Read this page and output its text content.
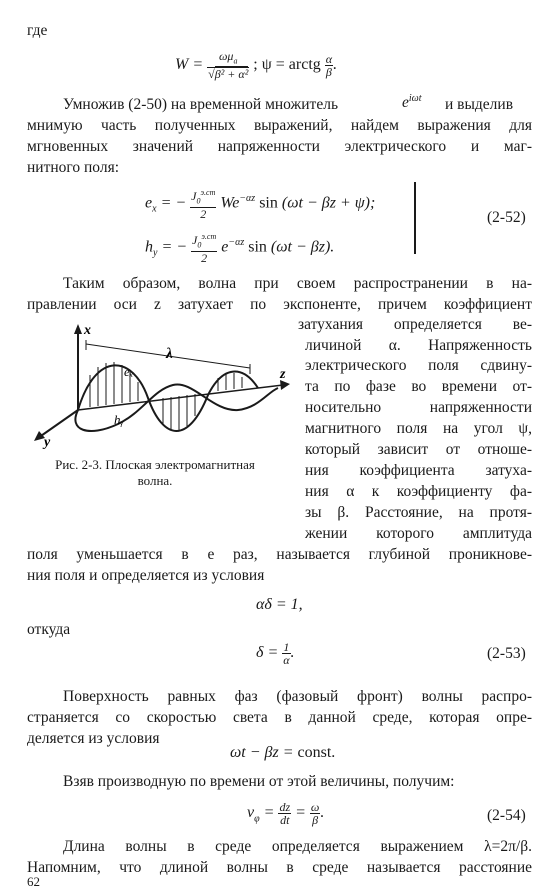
где
$W = \frac{\omega\mu_a}{\text{√β² + α²}}$ ; ψ = arctg $\frac{\alpha}{\beta}$ .
Умножив (2-50) на временной множитель	$e^{i\omega t}$ и выделив
мнимую часть полученных выражений, найдем выражения для
мгновенных значений напряженности электрического и маг-
нитного поля:
$e_x$ = − $\frac{J_0^{э.ст}}{2} We^{-\alpha z}$ sin (ωt − βz + ψ);
$h_y$ = − $\frac{J_0^{э.ст}}{2} e^{-\alpha z}$ sin (ωt − βz).
(2-52)
Таким образом, волна при своем распространении в на-
правлении оси z затухает по экспоненте, причем коэффициент
x
z
y
λ
eₓ
hᵧ
Рис. 2-3. Плоская электромагнитная
волна.
затухания определяется ве-
личиной α. Напряженность
электрического поля сдвину-
та по фазе во времени от-
носительно напряженности
магнитного поля на угол ψ,
который зависит от отноше-
ния коэффициента затуха-
ния α к коэффициенту фа-
зы β. Расстояние, на протя-
жении которого амплитуда
поля уменьшается в e раз, называется глубиной проникнове-
ния поля и определяется из условия
αδ = 1,
откуда
$\delta = \frac{1}{\alpha}$ .	(2-53)
Поверхность равных фаз (фазовый фронт) волны распро-
страняется со скоростью света в данной среде, которая опре-
деляется из условия
ωt − βz = const.
Взяв производную по времени от этой величины, получим:
$v_\varphi = \frac{dz}{dt} = \frac{\omega}{\beta}$ .	(2-54)
Длина волны в среде определяется выражением λ=2π/β.
Напомним, что длиной волны в среде называется расстояние
62
